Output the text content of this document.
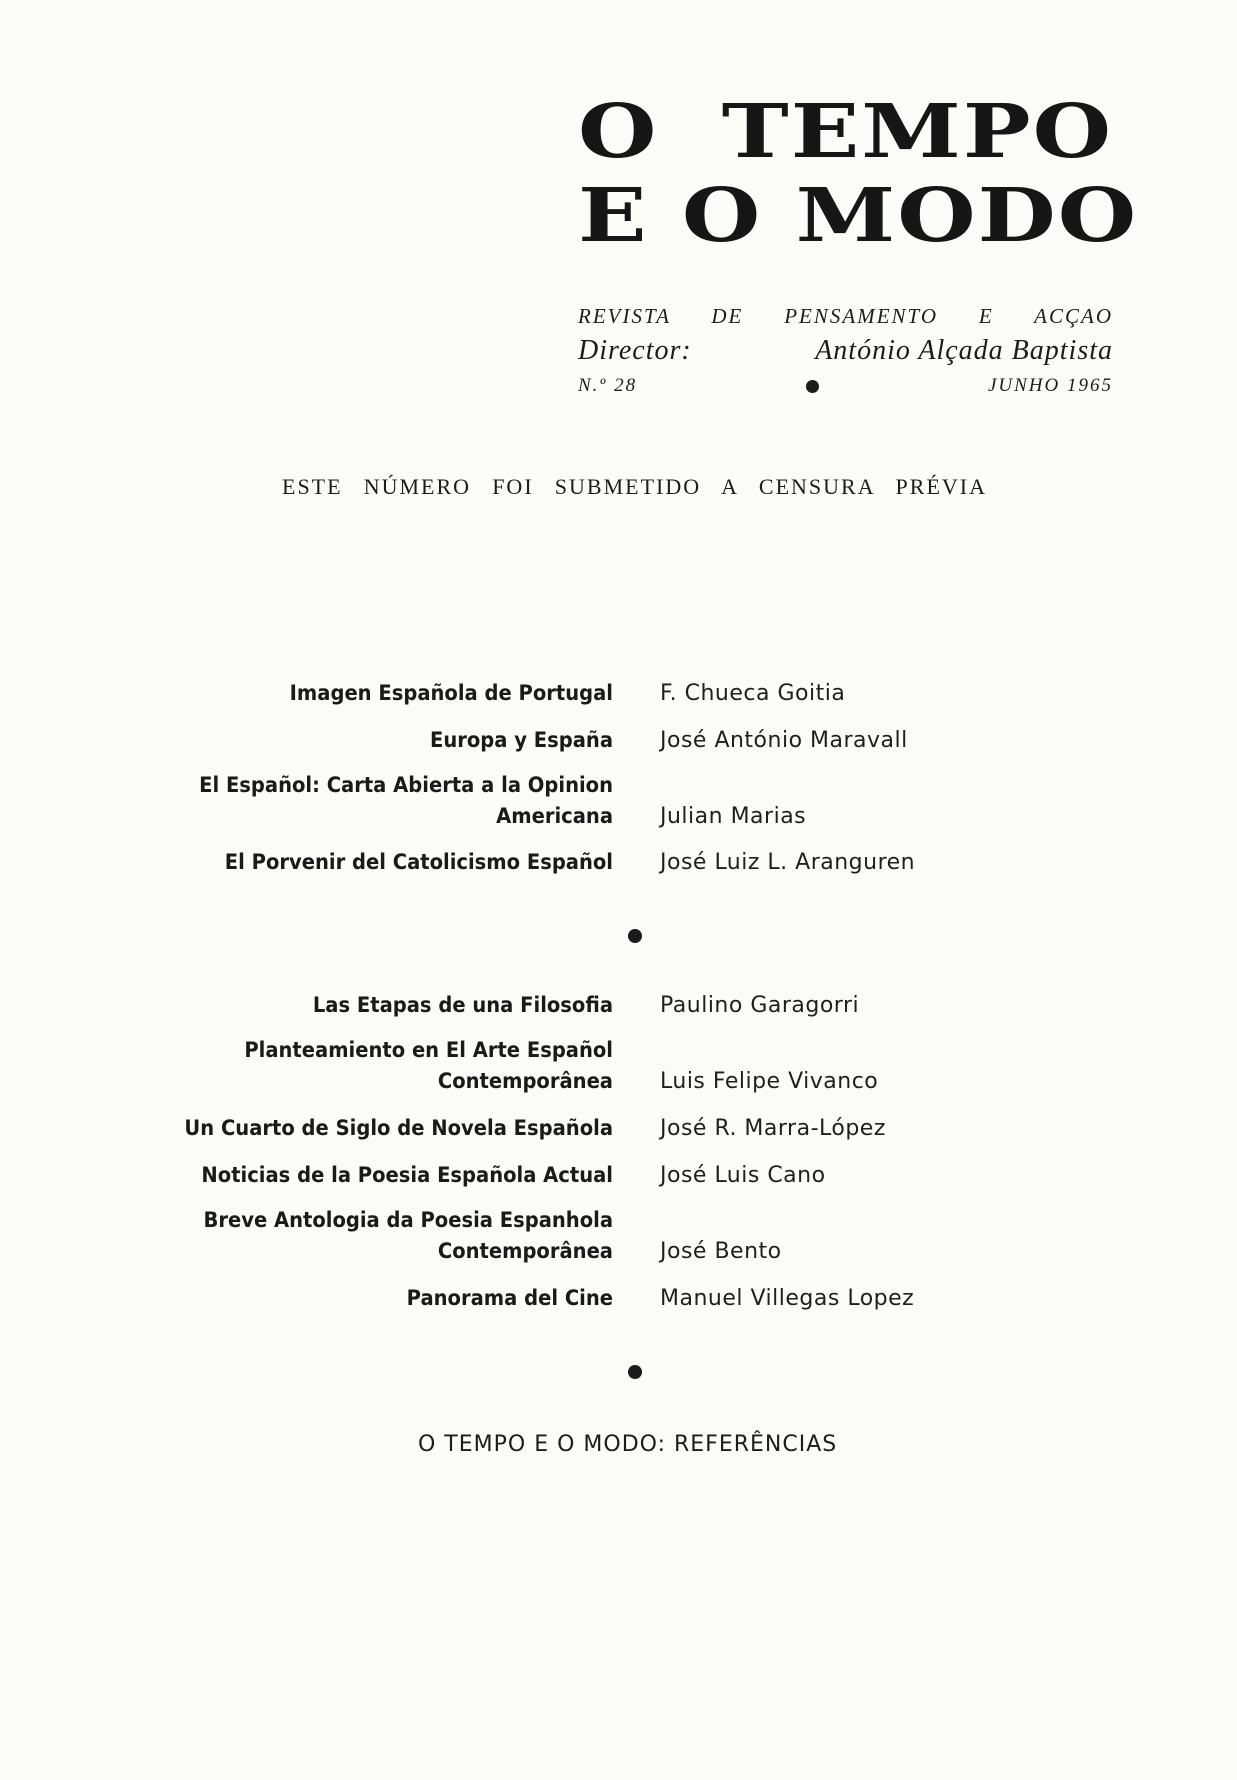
O TEMPO
E O MODO
REVISTA DE PENSAMENTO E ACÇAO
Director:	António Alçada Baptista
N.º 28	JUNHO 1965
ESTE NÚMERO FOI SUBMETIDO A CENSURA PRÉVIA
Imagen Española de Portugal F. Chueca Goitia
Europa y España José António Maravall
El Español: Carta Abierta a la Opinion Americana Julian Marias
El Porvenir del Catolicismo Español José Luiz L. Aranguren
Las Etapas de una Filosofia Paulino Garagorri
Planteamiento en El Arte Español Contemporânea Luis Felipe Vivanco
Un Cuarto de Siglo de Novela Española José R. Marra-López
Noticias de la Poesia Española Actual José Luis Cano
Breve Antologia da Poesia Espanhola Contemporânea José Bento
Panorama del Cine Manuel Villegas Lopez
O TEMPO E O MODO: REFERÊNCIAS
